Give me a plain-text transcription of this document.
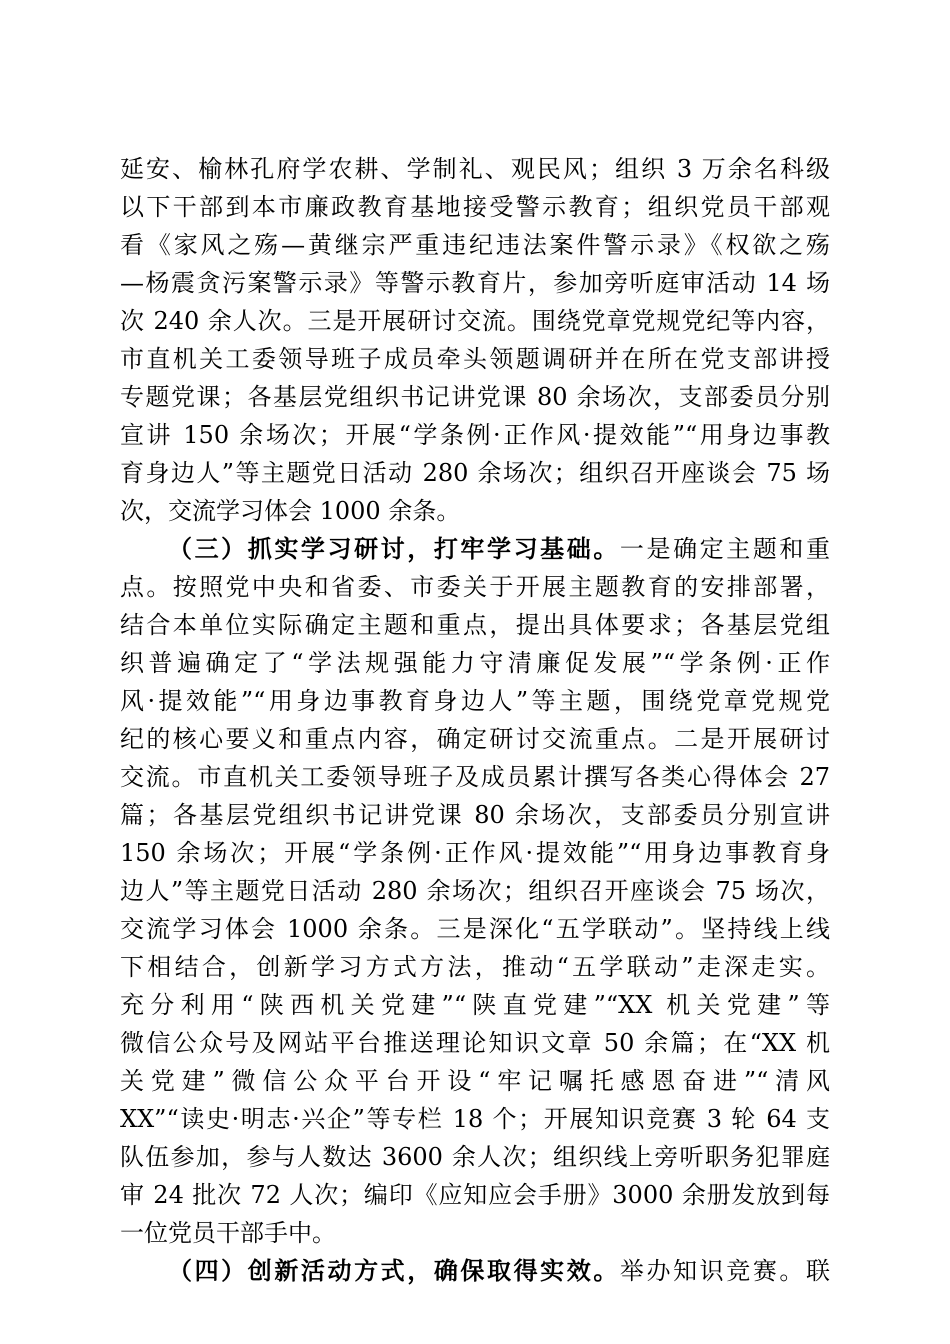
延安、榆林孔府学农耕、学制礼、观民风；组织 3 万余名科级
以下干部到本市廉政教育基地接受警示教育；组织党员干部观
看《家风之殇—黄继宗严重违纪违法案件警示录》《权欲之殇
—杨震贪污案警示录》等警示教育片，参加旁听庭审活动 14 场
次 240 余人次。三是开展研讨交流。围绕党章党规党纪等内容，
市直机关工委领导班子成员牵头领题调研并在所在党支部讲授
专题党课；各基层党组织书记讲党课 80 余场次，支部委员分别
宣讲 150 余场次；开展“学条例·正作风·提效能”“用身边事教
育身边人”等主题党日活动 280 余场次；组织召开座谈会 75 场
次，交流学习体会 1000 余条。
（三）抓实学习研讨，打牢学习基础。一是确定主题和重
点。按照党中央和省委、市委关于开展主题教育的安排部署，
结合本单位实际确定主题和重点，提出具体要求；各基层党组
织普遍确定了“学法规强能力守清廉促发展”“学条例·正作
风·提效能”“用身边事教育身边人”等主题，围绕党章党规党
纪的核心要义和重点内容，确定研讨交流重点。二是开展研讨
交流。市直机关工委领导班子及成员累计撰写各类心得体会 27
篇；各基层党组织书记讲党课 80 余场次，支部委员分别宣讲
150 余场次；开展“学条例·正作风·提效能”“用身边事教育身
边人”等主题党日活动 280 余场次；组织召开座谈会 75 场次，
交流学习体会 1000 余条。三是深化“五学联动”。坚持线上线
下相结合，创新学习方式方法，推动“五学联动”走深走实。
充分利用“陕西机关党建”“陕直党建”“XX 机关党建”等
微信公众号及网站平台推送理论知识文章 50 余篇；在“XX 机
关党建”微信公众平台开设“牢记嘱托感恩奋进”“清风
XX”“读史·明志·兴企”等专栏 18 个；开展知识竞赛 3 轮 64 支
队伍参加，参与人数达 3600 余人次；组织线上旁听职务犯罪庭
审 24 批次 72 人次；编印《应知应会手册》3000 余册发放到每
一位党员干部手中。
（四）创新活动方式，确保取得实效。举办知识竞赛。联
